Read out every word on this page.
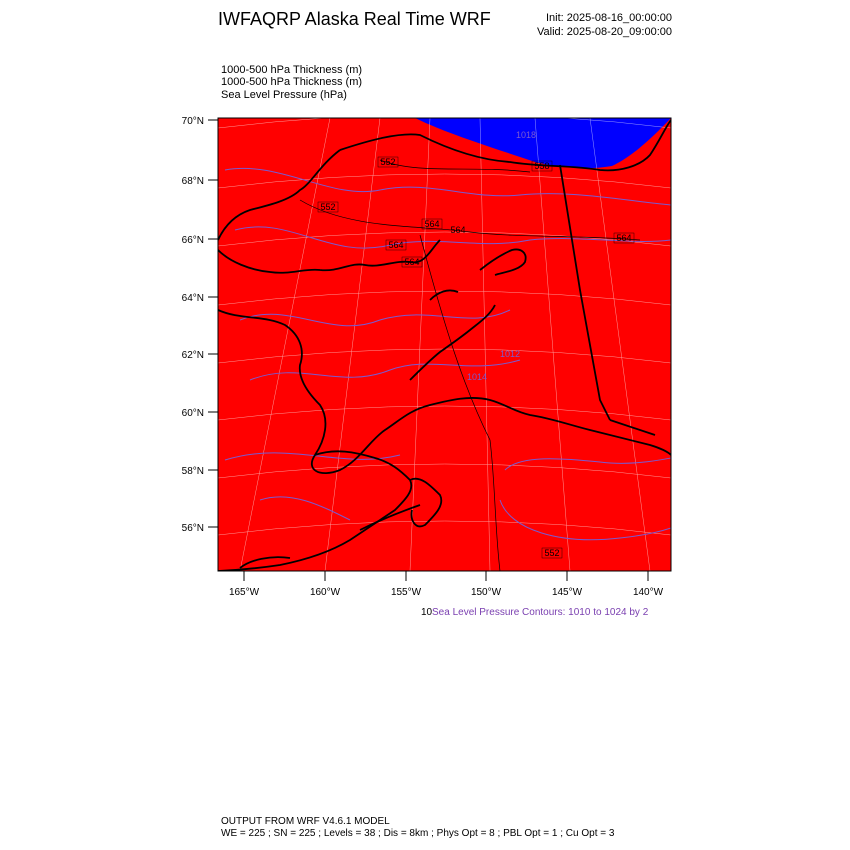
IWFAQRP Alaska Real Time WRF	Init: 2025-08-16_00:00:00
Valid: 2025-08-20_09:00:00
1000-500 hPa Thickness (m)
1000-500 hPa Thickness (m)
Sea Level Pressure (hPa)
552
552
564
564
564
564
564
558
552
1018
1014
1012
70°N
68°N
66°N
64°N
62°N
60°N
58°N
56°N
165°W	160°W	155°W	150°W	145°W	140°W
10 Sea Level Pressure Contours: 1010 to 1024 by 2
OUTPUT FROM WRF V4.6.1 MODEL
WE = 225 ; SN = 225 ; Levels = 38 ; Dis = 8km ; Phys Opt = 8 ; PBL Opt = 1 ; Cu Opt = 3
